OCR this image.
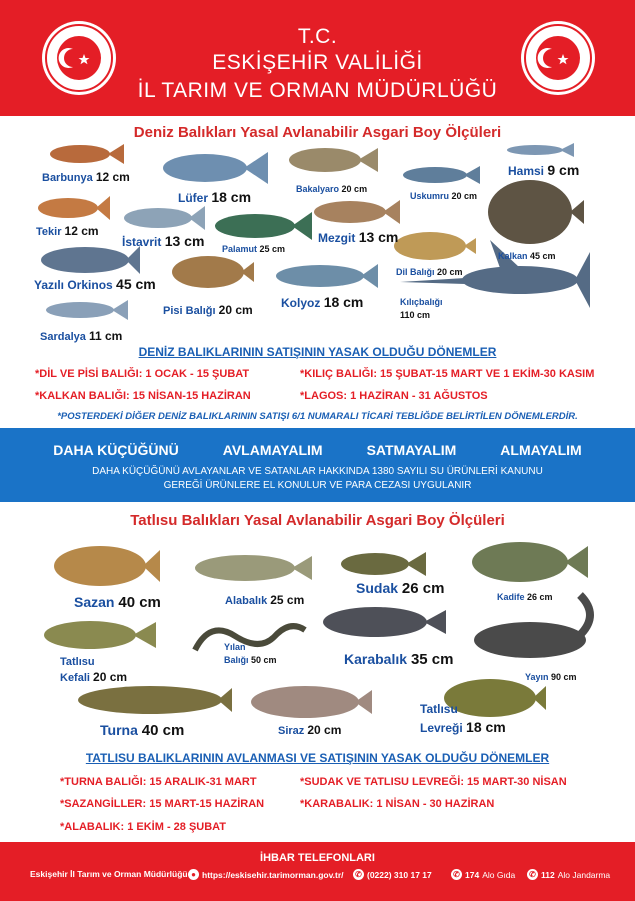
T.C.
ESKİŞEHİR VALİLİĞİ
İL TARIM VE ORMAN MÜDÜRLÜĞÜ
Deniz Balıkları Yasal Avlanabilir Asgari Boy Ölçüleri
Barbunya 12 cm
Lüfer 18 cm	Bakalyaro 20 cm
Hamsi 9 cm
Uskumru 20 cm
Tekir 12 cm
İstavrit 13 cm Palamut 25 cm
Mezgit 13 cm
Kalkan 45 cm
Dil Balığı 20 cm
Yazılı Orkinos 45 cm
Pisi Balığı 20 cm Kolyoz 18 cm	Kılıçbalığı
110 cm
Sardalya 11 cm
DENİZ BALIKLARININ SATIŞININ YASAK OLDUĞU DÖNEMLER
*DİL VE PİSİ BALIĞI: 1 OCAK - 15 ŞUBAT	*KILIÇ BALIĞI: 15 ŞUBAT-15 MART VE 1 EKİM-30 KASIM
*KALKAN BALIĞI: 15 NİSAN-15 HAZİRAN	*LAGOS: 1 HAZİRAN - 31 AĞUSTOS
*POSTERDEKİ DİĞER DENİZ BALIKLARININ SATIŞI 6/1 NUMARALI TİCARİ TEBLİĞDE BELİRTİLEN DÖNEMLERDİR.
DAHA KÜÇÜĞÜNÜ	AVLAMAYALIM	SATMAYALIM	ALMAYALIM
DAHA KÜÇÜĞÜNÜ AVLAYANLAR VE SATANLAR HAKKINDA 1380 SAYILI SU ÜRÜNLERİ KANUNU
GEREĞİ ÜRÜNLERE EL KONULUR VE PARA CEZASI UYGULANIR
Tatlısu Balıkları Yasal Avlanabilir Asgari Boy Ölçüleri
Sazan 40 cm	Alabalık 25 cm
Sudak 26 cm	Kadife 26 cm
Tatlısu
Kefali 20 cm
Yılan
Balığı 50 cm	Karabalık 35 cm
Yayın 90 cm
Turna 40 cm	Siraz 20 cm
Tatlısu
Levreği 18 cm
TATLISU BALIKLARININ AVLANMASI VE SATIŞININ YASAK OLDUĞU DÖNEMLER
*TURNA BALIĞI: 15 ARALIK-31 MART	*SUDAK VE TATLISU LEVREĞİ: 15 MART-30 NİSAN
*SAZANGİLLER: 15 MART-15 HAZİRAN	*KARABALIK: 1 NİSAN - 30 HAZİRAN
*ALABALIK: 1 EKİM - 28 ŞUBAT
İHBAR TELEFONLARI
Eskişehir İl Tarım ve Orman Müdürlüğü ● https://eskisehir.tarimorman.gov.tr/ ✆ (0222) 310 17 17	✆ 174 Alo Gıda ✆ 112 Alo Jandarma
